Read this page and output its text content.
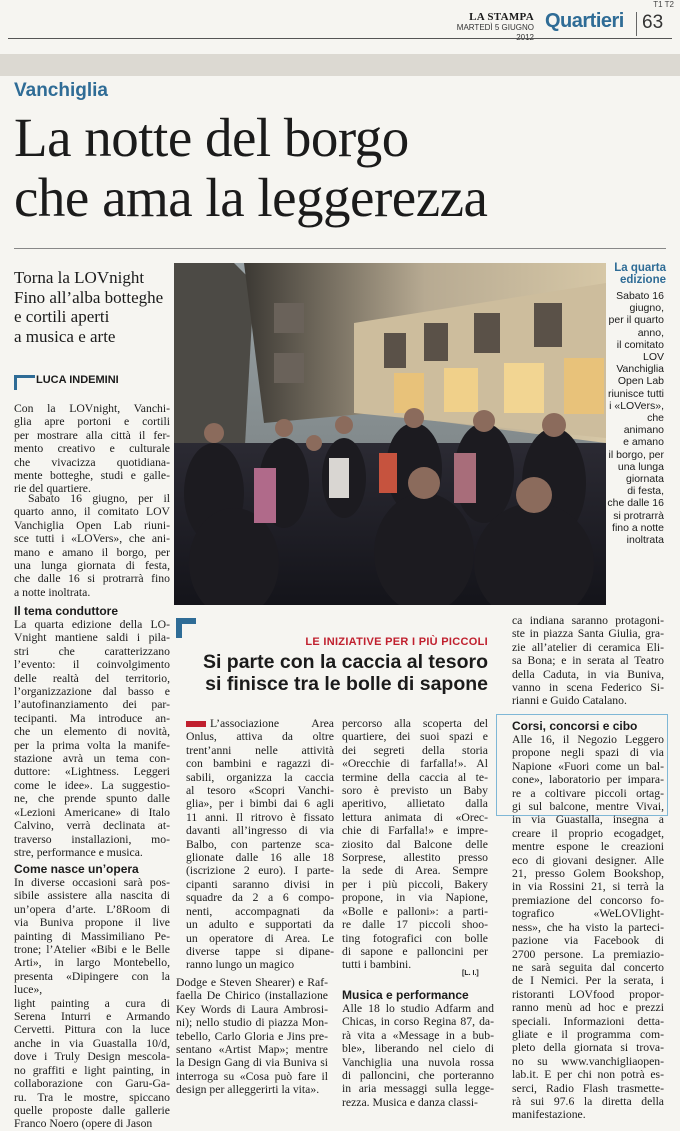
T1 T2
LA STAMPA
MARTEDÌ 5 GIUGNO Quartieri 63
Vanchiglia
La notte del borgo
che ama la leggerezza
Torna la LOVnight
Fino all’alba botteghe
e cortili aperti
a musica e arte
LUCA INDEMINI
Con la LOVnight, Vanchi-
glia apre portoni e cortili
per mostrare alla città il fer-
mento creativo e culturale
che vivacizza quotidiana-
mente botteghe, studi e galle-
rie del quartiere.
Sabato 16 giugno, per il
quarto anno, il comitato LOV
Vanchiglia Open Lab riuni-
sce tutti i «LOVers», che ani-
mano e amano il borgo, per
una lunga giornata di festa,
che dalle 16 si protrarrà fino
a notte inoltrata.
Il tema conduttore
La quarta edizione della LO-
Vnight mantiene saldi i pila-
stri che caratterizzano
l’evento: il coinvolgimento
delle realtà del territorio,
l’organizzazione dal basso e
l’autofinanziamento dei par-
tecipanti. Ma introduce an-
che un elemento di novità,
per la prima volta la manife-
stazione avrà un tema con-
duttore: «Lightness. Leggeri
come le idee». La suggestio-
ne, che prende spunto dalle
«Lezioni Americane» di Italo
Calvino, verrà declinata at-
traverso installazioni, mo-
stre, performance e musica.
Come nasce un’opera
In diverse occasioni sarà pos-
sibile assistere alla nascita di
un’opera d’arte. L’8Room di
via Buniva propone il live
painting di Massimiliano Pe-
trone; l’Atelier «Bibi e le Belle
Arti», in largo Montebello,
presenta «Dipingere con la luce»,
light painting a cura di
Serena Inturri e Armando
Cervetti. Pittura con la luce
anche in via Guastalla 10/d,
dove i Truly Design mescola-
no graffiti e light painting, in
collaborazione con Garu-Ga-
ru. Tra le mostre, spiccano
quelle proposte dalle gallerie
Franco Noero (opere di Jason
La quarta
edizione
Sabato 16
giugno,
per il quarto
anno,
il comitato
LOV
Vanchiglia
Open Lab
riunisce tutti
i «LOVers»,
che animano
e amano
il borgo, per
una lunga
giornata
di festa,
che dalle 16
si protrarrà
fino a notte
inoltrata
LE INIZIATIVE PER I PIÙ PICCOLI
Si parte con la caccia al tesoro
si finisce tra le bolle di sapone
L’associazione Area
Onlus, attiva da oltre
trent’anni nelle attività
con bambini e ragazzi di-
sabili, organizza la caccia
al tesoro «Scopri Vanchi-
glia», per i bimbi dai 6 agli
11 anni. Il ritrovo è fissato
davanti all’ingresso di via
Balbo, con partenze sca-
glionate dalle 16 alle 18
(iscrizione 2 euro). I parte-
cipanti saranno divisi in
squadre da 2 a 6 compo-
nenti, accompagnati da
un adulto e supportati da
un operatore di Area. Le
diverse tappe si dipane-
ranno lungo un magico
percorso alla scoperta del
quartiere, dei suoi spazi e
dei segreti della storia
«Orecchie di farfalla!». Al
termine della caccia al te-
soro è previsto un Baby
aperitivo, allietato dalla
lettura animata di «Orec-
chie di Farfalla!» e impre-
ziosito dal Balcone delle
Sorprese, allestito presso
la sede di Area. Sempre
per i più piccoli, Bakery
propone, in via Napione,
«Bolle e palloni»: a parti-
re dalle 17 piccoli shoo-
ting fotografici con bolle
di sapone e palloncini per
tutti i bambini.
[L. I.]
Dodge e Steven Shearer) e Raf-
faella De Chirico (installazione
Key Words di Laura Ambrosi-
ni); nello studio di piazza Mon-
tebello, Carlo Gloria e Jins pre-
sentano «Artist Map»; mentre
la Design Gang di via Buniva si
interroga su «Cosa può fare il
design per alleggerirti la vita».
Musica e performance
Alle 18 lo studio Adfarm and
Chicas, in corso Regina 87, da-
rà vita a «Message in a bub-
ble», liberando nel cielo di
Vanchiglia una nuvola rossa
di palloncini, che porteranno
in aria messaggi sulla legge-
rezza. Musica e danza classi-
ca indiana saranno protagoni-
ste in piazza Santa Giulia, gra-
zie all’atelier di ceramica Eli-
sa Bona; e in serata al Teatro
della Caduta, in via Buniva,
vanno in scena Federico Si-
rianni e Guido Catalano.
Corsi, concorsi e cibo
Alle 16, il Negozio Leggero
propone negli spazi di via
Napione «Fuori come un bal-
cone», laboratorio per impara-
re a coltivare piccoli ortag-
gi sul balcone, mentre Vivai,
in via Guastalla, insegna a
creare il proprio ecogadget,
mentre espone le creazioni
eco di giovani designer. Alle
21, presso Golem Bookshop,
in via Rossini 21, si terrà la
premiazione del concorso fo-
tografico «WeLOVlight-
ness», che ha visto la parteci-
pazione via Facebook di
2700 persone. La premiazio-
ne sarà seguita dal concerto
de I Nemici. Per la serata, i
ristoranti LOVfood propor-
ranno menù ad hoc e prezzi
speciali. Informazioni detta-
gliate e il programma com-
pleto della giornata si trova-
no su www.vanchigliaopen-
lab.it. E per chi non potrà es-
serci, Radio Flash trasmette-
rà sui 97.6 la diretta della
manifestazione.
